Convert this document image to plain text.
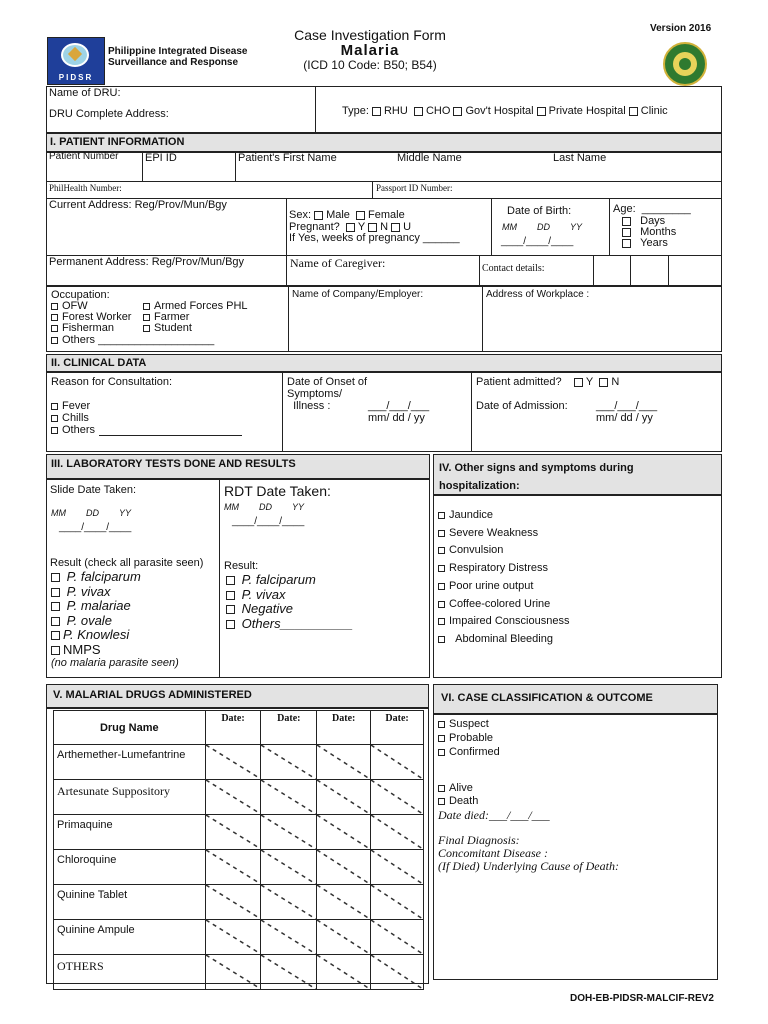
PIDSR
Philippine Integrated Disease
Surveillance and Response
Case Investigation Form
Malaria
(ICD 10 Code: B50; B54)
Version 2016
Name of DRU:
DRU Complete Address:	Type: RHU CHO Gov't Hospital Private Hospital Clinic
I. PATIENT INFORMATION
Patient Number EPI ID	Patient's First Name	Middle Name	Last Name
PhilHealth Number:	Passport ID Number:
Current Address: Reg/Prov/Mun/Bgy
Sex: Male Female
Pregnant? Y N U
If Yes, weeks of pregnancy ______
Date of Birth:
MM DD YY
____/____/____
Age: ________
Days
Months
Years
Permanent Address: Reg/Prov/Mun/Bgy	Name of Caregiver:	Contact details:
Occupation:
OFW
Forest Worker
Fisherman
Armed Forces PHL
Farmer
Student
Others ___________________
Name of Company/Employer:	Address of Workplace :
II. CLINICAL DATA
Reason for Consultation:
Fever
Chills
Others
Date of Onset of
Symptoms/
Illness :	___/___/___
mm/ dd / yy
Patient admitted? Y N
Date of Admission:	___/___/___
mm/ dd / yy
III. LABORATORY TESTS DONE AND RESULTS
Slide Date Taken:
MM DD YY
____/____/____
Result (check all parasite seen)
P. falciparum
P. vivax
P. malariae
P. ovale
P. Knowlesi
NMPS
(no malaria parasite seen)
RDT Date Taken:
MM DD YY
____/____/____
Result:
P. falciparum
P. vivax
Negative
Others__________
IV. Other signs and symptoms during
hospitalization:
Jaundice
Severe Weakness
Convulsion
Respiratory Distress
Poor urine output
Coffee-colored Urine
Impaired Consciousness
Abdominal Bleeding
V. MALARIAL DRUGS ADMINISTERED
Drug Name	Date:	Date:	Date:	Date:
Arthemether-Lumefantrine	

Artesunate Suppository	

Primaquine	

Chloroquine	

Quinine Tablet	

Quinine Ampule	

OTHERS	

VI. CASE CLASSIFICATION & OUTCOME
Suspect
Probable
Confirmed
Alive
Death
Date died:___/___/___
Final Diagnosis:
Concomitant Disease :
(If Died) Underlying Cause of Death:
DOH-EB-PIDSR-MALCIF-REV2
